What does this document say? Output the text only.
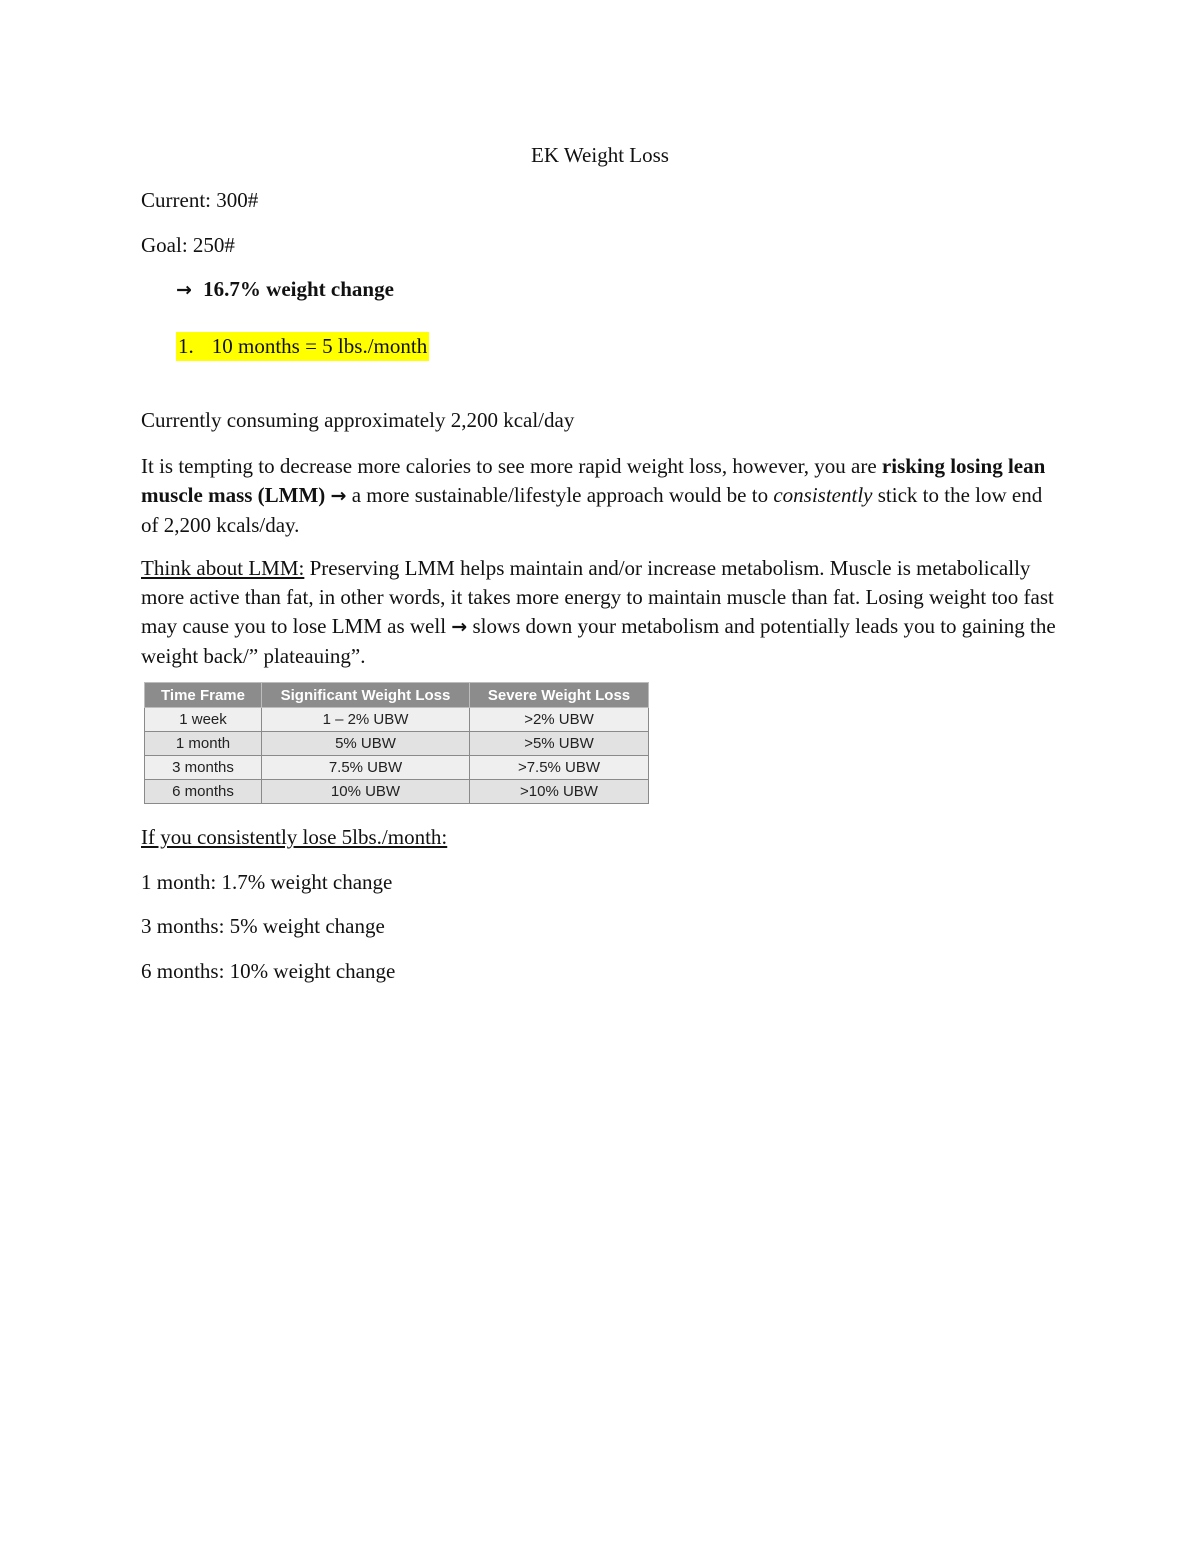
EK Weight Loss
Current: 300#
Goal: 250#
→ 16.7% weight change
1. 10 months = 5 lbs./month
Currently consuming approximately 2,200 kcal/day
It is tempting to decrease more calories to see more rapid weight loss, however, you are risking losing lean muscle mass (LMM) → a more sustainable/lifestyle approach would be to consistently stick to the low end of 2,200 kcals/day.
Think about LMM: Preserving LMM helps maintain and/or increase metabolism. Muscle is metabolically more active than fat, in other words, it takes more energy to maintain muscle than fat. Losing weight too fast may cause you to lose LMM as well → slows down your metabolism and potentially leads you to gaining the weight back/” plateauing”.
Time Frame	Significant Weight Loss	Severe Weight Loss
1 week	1 – 2% UBW	>2% UBW
1 month	5% UBW	>5% UBW
3 months	7.5% UBW	>7.5% UBW
6 months	10% UBW	>10% UBW
If you consistently lose 5lbs./month:
1 month: 1.7% weight change
3 months: 5% weight change
6 months: 10% weight change
